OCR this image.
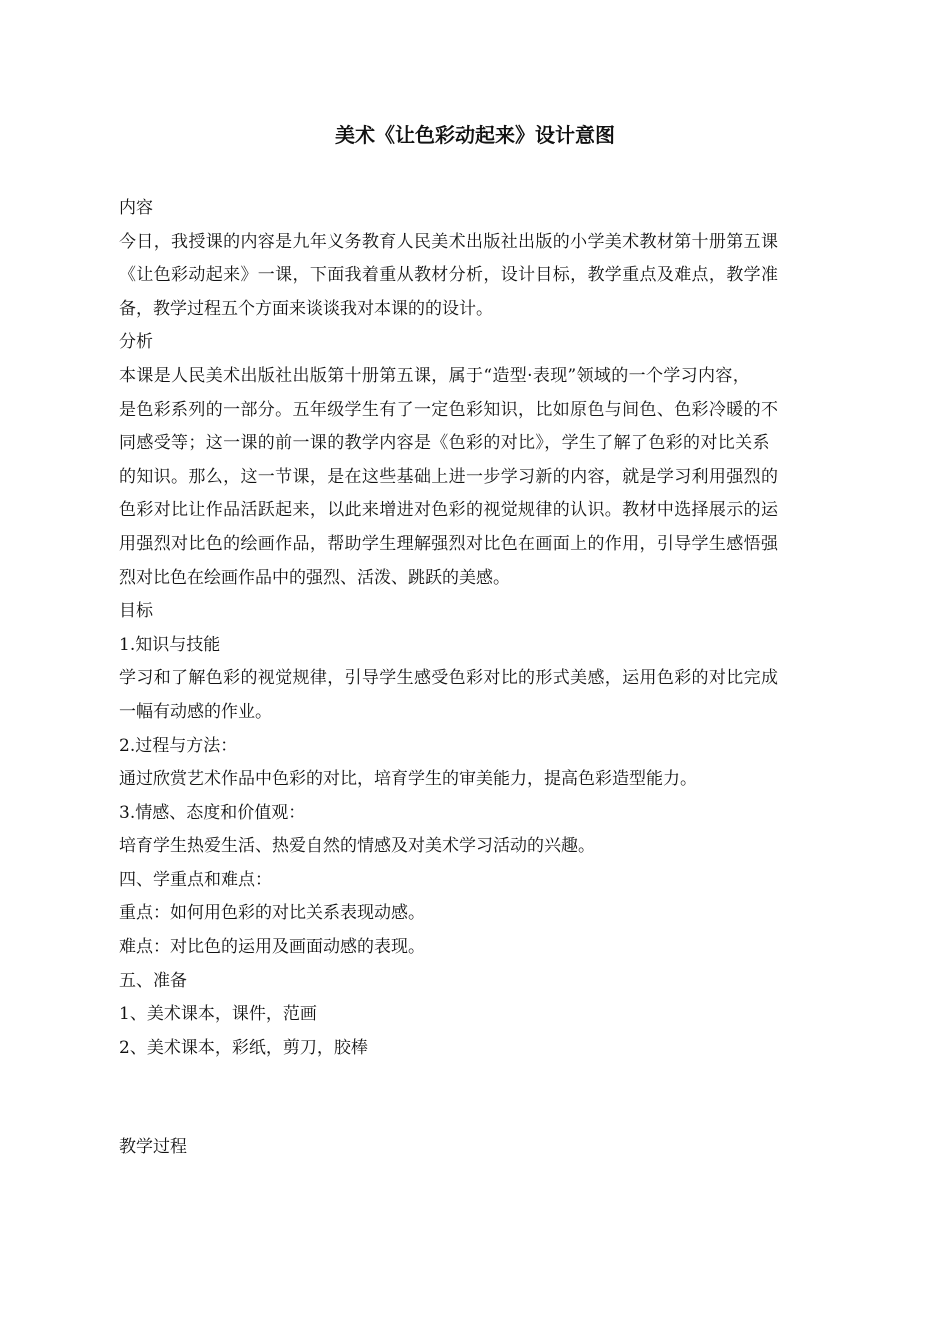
美术《让色彩动起来》设计意图
内容
今日，我授课的内容是九年义务教育人民美术出版社出版的小学美术教材第十册第五课
《让色彩动起来》一课，下面我着重从教材分析，设计目标，教学重点及难点，教学准
备，教学过程五个方面来谈谈我对本课的的设计。
分析
本课是人民美术出版社出版第十册第五课，属于“造型·表现”领域的一个学习内容，
是色彩系列的一部分。五年级学生有了一定色彩知识，比如原色与间色、色彩冷暖的不
同感受等；这一课的前一课的教学内容是《色彩的对比》，学生了解了色彩的对比关系
的知识。那么，这一节课，是在这些基础上进一步学习新的内容，就是学习利用强烈的
色彩对比让作品活跃起来，以此来增进对色彩的视觉规律的认识。教材中选择展示的运
用强烈对比色的绘画作品，帮助学生理解强烈对比色在画面上的作用，引导学生感悟强
烈对比色在绘画作品中的强烈、活泼、跳跃的美感。
目标
1.知识与技能
学习和了解色彩的视觉规律，引导学生感受色彩对比的形式美感，运用色彩的对比完成
一幅有动感的作业。
2.过程与方法：
通过欣赏艺术作品中色彩的对比，培育学生的审美能力，提高色彩造型能力。
3.情感、态度和价值观：
培育学生热爱生活、热爱自然的情感及对美术学习活动的兴趣。
四、学重点和难点：
重点：如何用色彩的对比关系表现动感。
难点：对比色的运用及画面动感的表现。
五、准备
1、美术课本，课件，范画
2、美术课本，彩纸，剪刀，胶棒
教学过程
